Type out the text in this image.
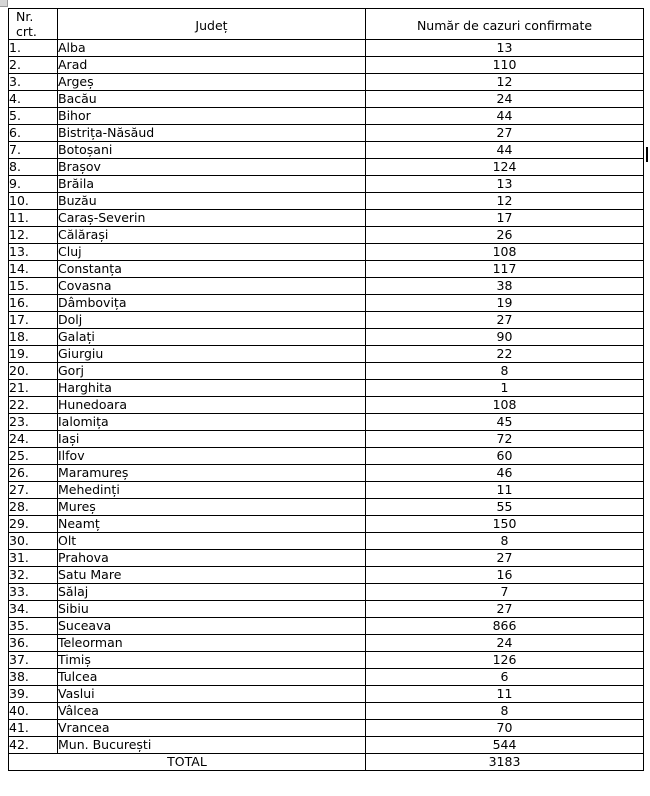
Nr.
crt.	Județ	Număr de cazuri confirmate
1.	Alba	13
2.	Arad	110
3.	Argeș	12
4.	Bacău	24
5.	Bihor	44
6.	Bistrița-Năsăud	27
7.	Botoșani	44
8.	Brașov	124
9.	Brăila	13
10.	Buzău	12
11.	Caraș-Severin	17
12.	Călărași	26
13.	Cluj	108
14.	Constanța	117
15.	Covasna	38
16.	Dâmbovița	19
17.	Dolj	27
18.	Galați	90
19.	Giurgiu	22
20.	Gorj	8
21.	Harghita	1
22.	Hunedoara	108
23.	Ialomița	45
24.	Iași	72
25.	Ilfov	60
26.	Maramureș	46
27.	Mehedinți	11
28.	Mureș	55
29.	Neamț	150
30.	Olt	8
31.	Prahova	27
32.	Satu Mare	16
33.	Sălaj	7
34.	Sibiu	27
35.	Suceava	866
36.	Teleorman	24
37.	Timiș	126
38.	Tulcea	6
39.	Vaslui	11
40.	Vâlcea	8
41.	Vrancea	70
42.	Mun. București	544
TOTAL		3183
